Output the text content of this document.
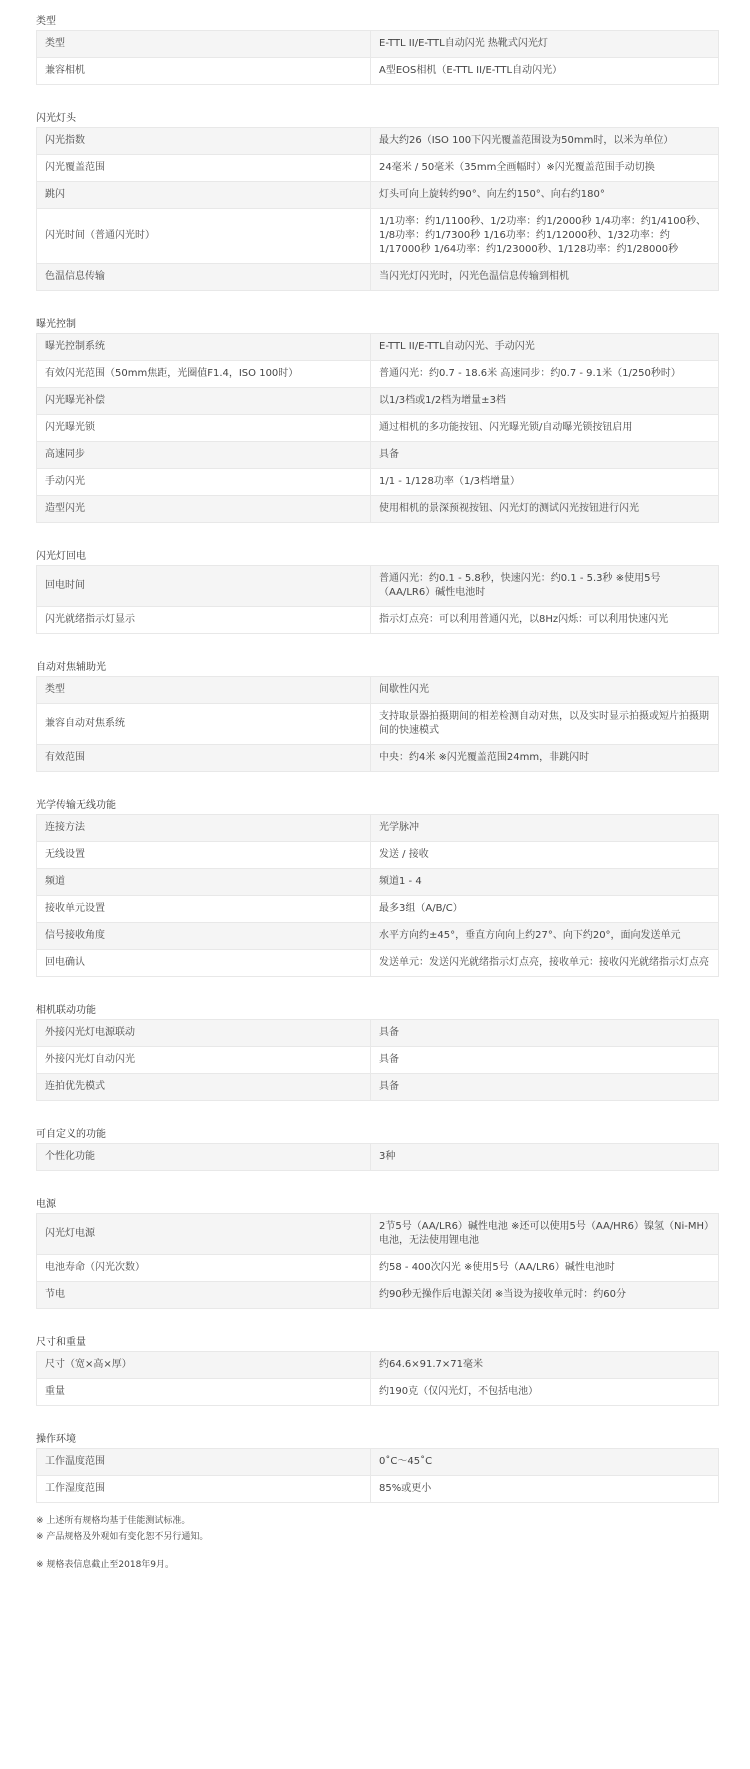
类型
类型	E-TTL II/E-TTL自动闪光 热靴式闪光灯
兼容相机	A型EOS相机（E-TTL II/E-TTL自动闪光）
闪光灯头
闪光指数	最大约26（ISO 100下闪光覆盖范围设为50mm时，以米为单位）
闪光覆盖范围	24毫米 / 50毫米（35mm全画幅时）※闪光覆盖范围手动切换
跳闪	灯头可向上旋转约90°、向左约150°、向右约180°
闪光时间（普通闪光时）	1/1功率：约1/1100秒、1/2功率：约1/2000秒 1/4功率：约1/4100秒、1/8功率：约1/7300秒 1/16功率：约1/12000秒、1/32功率：约1/17000秒 1/64功率：约1/23000秒、1/128功率：约1/28000秒
色温信息传输	当闪光灯闪光时，闪光色温信息传输到相机
曝光控制
曝光控制系统	E-TTL II/E-TTL自动闪光、手动闪光
有效闪光范围（50mm焦距，光圈值F1.4，ISO 100时）	普通闪光：约0.7 - 18.6米 高速同步：约0.7 - 9.1米（1/250秒时）
闪光曝光补偿	以1/3档或1/2档为增量±3档
闪光曝光锁	通过相机的多功能按钮、闪光曝光锁/自动曝光锁按钮启用
高速同步	具备
手动闪光	1/1 - 1/128功率（1/3档增量）
造型闪光	使用相机的景深预视按钮、闪光灯的测试闪光按钮进行闪光
闪光灯回电
回电时间	普通闪光：约0.1 - 5.8秒，快速闪光：约0.1 - 5.3秒 ※使用5号（AA/LR6）碱性电池时
闪光就绪指示灯显示	指示灯点亮：可以利用普通闪光，以8Hz闪烁：可以利用快速闪光
自动对焦辅助光
类型	间歇性闪光
兼容自动对焦系统	支持取景器拍摄期间的相差检测自动对焦，以及实时显示拍摄或短片拍摄期间的快速模式
有效范围	中央：约4米 ※闪光覆盖范围24mm，非跳闪时
光学传输无线功能
连接方法	光学脉冲
无线设置	发送 / 接收
频道	频道1 - 4
接收单元设置	最多3组（A/B/C）
信号接收角度	水平方向约±45°，垂直方向向上约27°、向下约20°，面向发送单元
回电确认	发送单元：发送闪光就绪指示灯点亮，接收单元：接收闪光就绪指示灯点亮
相机联动功能
外接闪光灯电源联动	具备
外接闪光灯自动闪光	具备
连拍优先模式	具备
可自定义的功能
个性化功能	3种
电源
闪光灯电源	2节5号（AA/LR6）碱性电池 ※还可以使用5号（AA/HR6）镍氢（Ni-MH）电池，无法使用锂电池
电池寿命（闪光次数）	约58 - 400次闪光 ※使用5号（AA/LR6）碱性电池时
节电	约90秒无操作后电源关闭 ※当设为接收单元时：约60分
尺寸和重量
尺寸（宽×高×厚）	约64.6×91.7×71毫米
重量	约190克（仅闪光灯，不包括电池）
操作环境
工作温度范围	0˚C～45˚C
工作湿度范围	85%或更小
※ 上述所有规格均基于佳能测试标准。
※ 产品规格及外观如有变化恕不另行通知。
※ 规格表信息截止至2018年9月。
